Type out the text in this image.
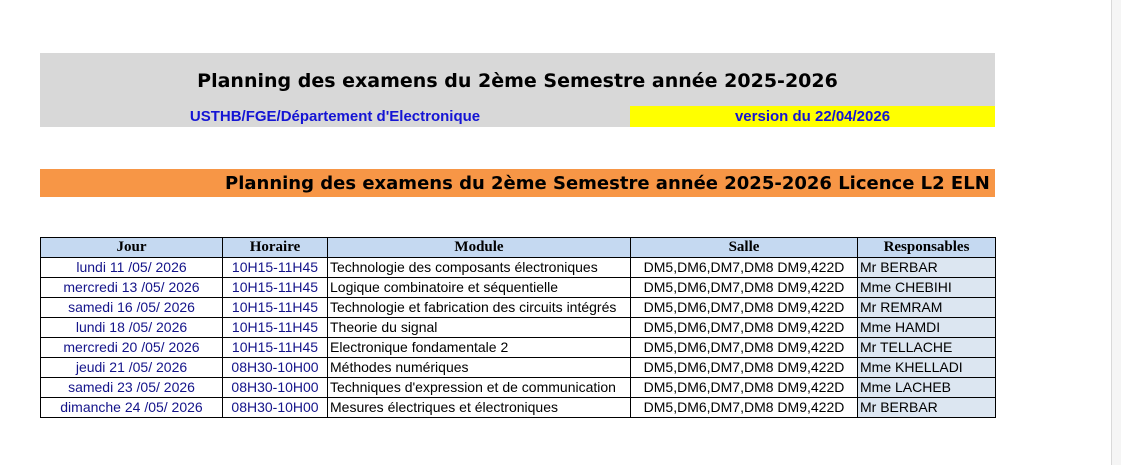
Planning des examens du 2ème Semestre année 2025-2026
USTHB/FGE/Département d'Electronique	version du 22/04/2026
Planning des examens du 2ème Semestre année 2025-2026 Licence L2 ELN
Jour	Horaire	Module	Salle	Responsables
lundi 11 /05/ 2026	10H15-11H45	Technologie des composants électroniques	DM5,DM6,DM7,DM8 DM9,422D	Mr BERBAR
mercredi 13 /05/ 2026	10H15-11H45	Logique combinatoire et séquentielle	DM5,DM6,DM7,DM8 DM9,422D	Mme CHEBIHI
samedi 16 /05/ 2026	10H15-11H45	Technologie et fabrication des circuits intégrés	DM5,DM6,DM7,DM8 DM9,422D	Mr REMRAM
lundi 18 /05/ 2026	10H15-11H45	Theorie du signal	DM5,DM6,DM7,DM8 DM9,422D	Mme HAMDI
mercredi 20 /05/ 2026	10H15-11H45	Electronique fondamentale 2	DM5,DM6,DM7,DM8 DM9,422D	Mr TELLACHE
jeudi 21 /05/ 2026	08H30-10H00	Méthodes numériques	DM5,DM6,DM7,DM8 DM9,422D	Mme KHELLADI
samedi 23 /05/ 2026	08H30-10H00	Techniques d'expression et de communication	DM5,DM6,DM7,DM8 DM9,422D	Mme LACHEB
dimanche 24 /05/ 2026	08H30-10H00	Mesures électriques et électroniques	DM5,DM6,DM7,DM8 DM9,422D	Mr BERBAR
